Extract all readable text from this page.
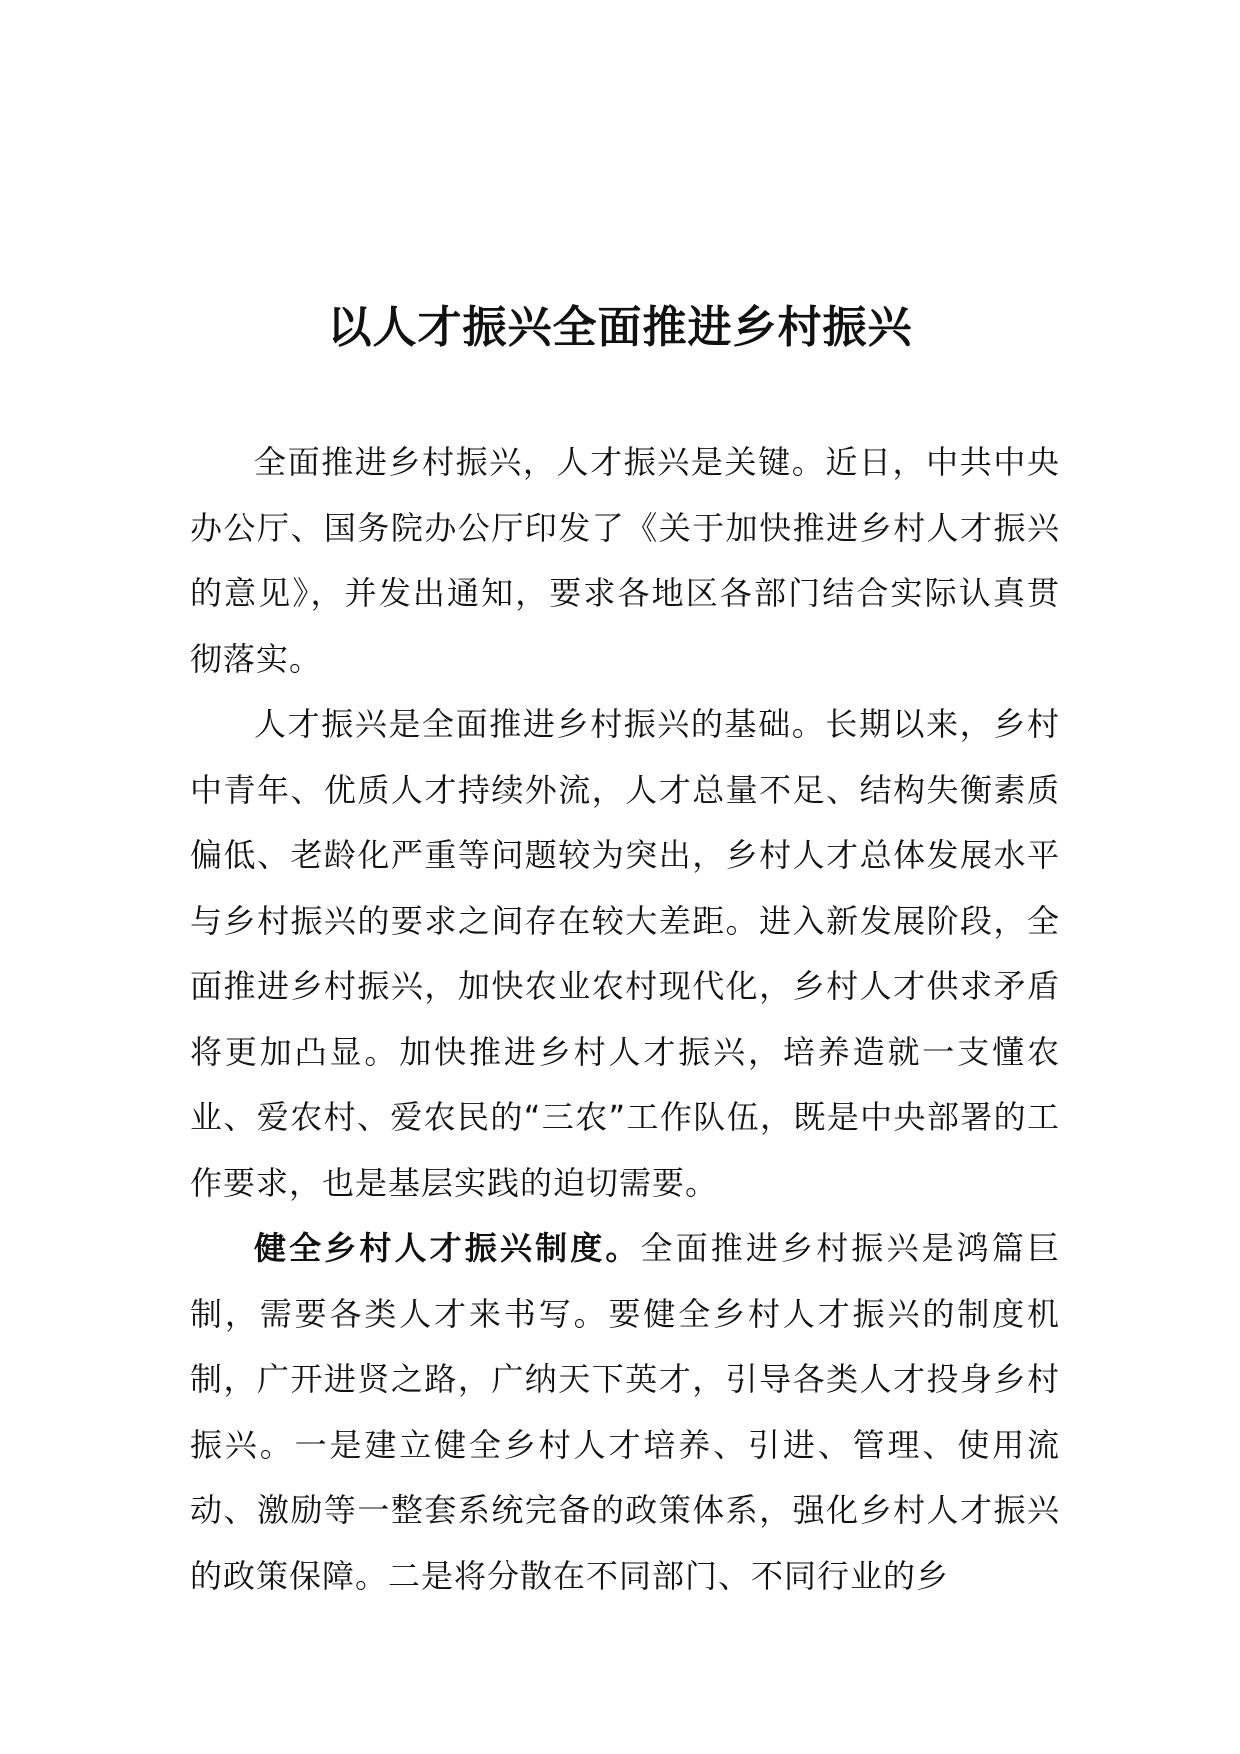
以人才振兴全面推进乡村振兴

全面推进乡村振兴，人才振兴是关键。近日，中共中央办公厅、国务院办公厅印发了《关于加快推进乡村人才振兴的意见》，并发出通知，要求各地区各部门结合实际认真贯彻落实。

人才振兴是全面推进乡村振兴的基础。长期以来，乡村中青年、优质人才持续外流，人才总量不足、结构失衡素质偏低、老龄化严重等问题较为突出，乡村人才总体发展水平与乡村振兴的要求之间存在较大差距。进入新发展阶段，全面推进乡村振兴，加快农业农村现代化，乡村人才供求矛盾将更加凸显。加快推进乡村人才振兴，培养造就一支懂农业、爱农村、爱农民的“三农”工作队伍，既是中央部署的工作要求，也是基层实践的迫切需要。

健全乡村人才振兴制度。全面推进乡村振兴是鸿篇巨制，需要各类人才来书写。要健全乡村人才振兴的制度机制，广开进贤之路，广纳天下英才，引导各类人才投身乡村振兴。一是建立健全乡村人才培养、引进、管理、使用流动、激励等一整套系统完备的政策体系，强化乡村人才振兴的政策保障。二是将分散在不同部门、不同行业的乡
